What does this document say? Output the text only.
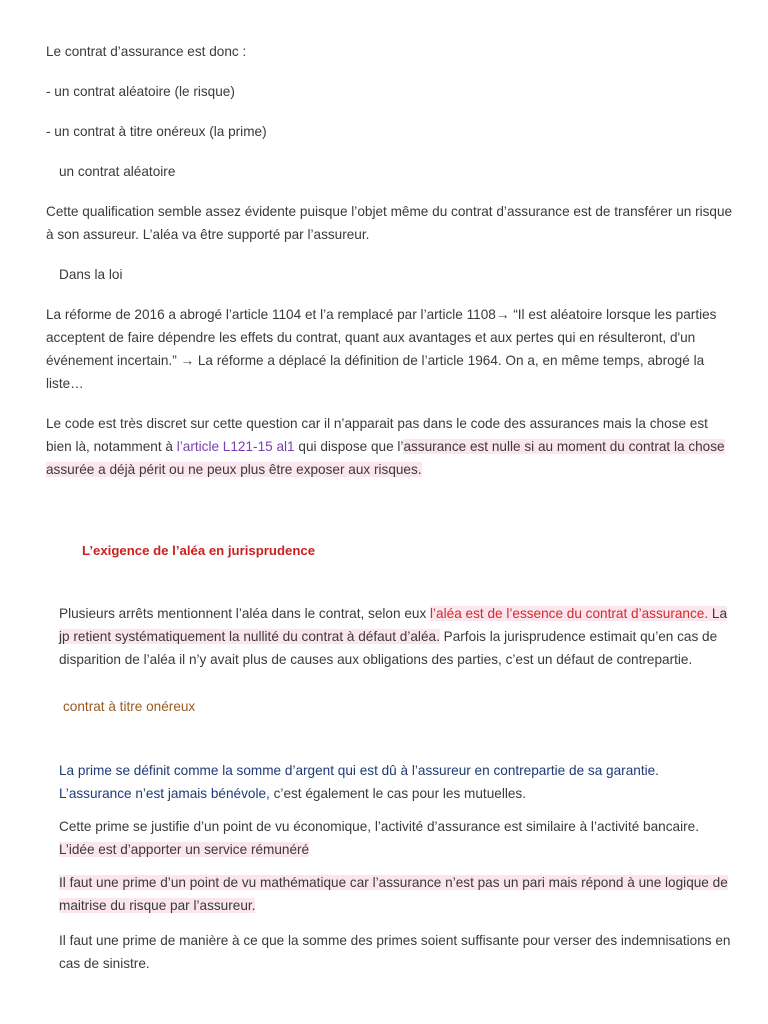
Le contrat d’assurance est donc :

- un contrat aléatoire (le risque)

- un contrat à titre onéreux (la prime)

un contrat aléatoire

Cette qualification semble assez évidente puisque l’objet même du contrat d’assurance est de transférer un risque à son assureur. L’aléa va être supporté par l’assureur.

Dans la loi

La réforme de 2016 a abrogé l’article 1104 et l’a remplacé par l’article 1108→ “Il est aléatoire lorsque les parties acceptent de faire dépendre les effets du contrat, quant aux avantages et aux pertes qui en résulteront, d'un événement incertain.” → La réforme a déplacé la définition de l’article 1964. On a, en même temps, abrogé la liste…

Le code est très discret sur cette question car il n’apparait pas dans le code des assurances mais la chose est bien là, notamment à l’article L121-15 al1 qui dispose que l’assurance est nulle si au moment du contrat la chose assurée a déjà périt ou ne peux plus être exposer aux risques.

L’exigence de l’aléa en jurisprudence

Plusieurs arrêts mentionnent l’aléa dans le contrat, selon eux l’aléa est de l’essence du contrat d’assurance. La jp retient systématiquement la nullité du contrat à défaut d’aléa. Parfois la jurisprudence estimait qu’en cas de disparition de l’aléa il n’y avait plus de causes aux obligations des parties, c’est un défaut de contrepartie.

contrat à titre onéreux

La prime se définit comme la somme d’argent qui est dû à l’assureur en contrepartie de sa garantie. L’assurance n’est jamais bénévole, c’est également le cas pour les mutuelles.

Cette prime se justifie d’un point de vu économique, l’activité d’assurance est similaire à l’activité bancaire. L’idée est d’apporter un service rémunéré

Il faut une prime d’un point de vu mathématique car l’assurance n’est pas un pari mais répond à une logique de maitrise du risque par l’assureur.

Il faut une prime de manière à ce que la somme des primes soient suffisante pour verser des indemnisations en cas de sinistre.
